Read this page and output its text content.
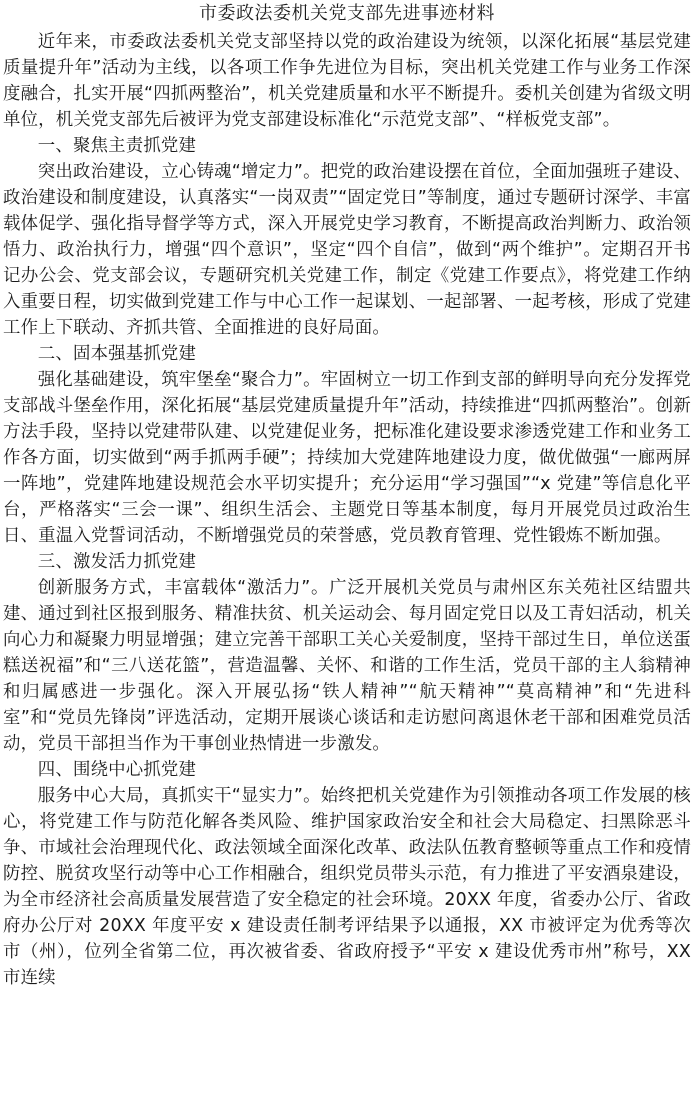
市委政法委机关党支部先进事迹材料

近年来，市委政法委机关党支部坚持以党的政治建设为统领，以深化拓展“基层党建质量提升年”活动为主线，以各项工作争先进位为目标，突出机关党建工作与业务工作深度融合，扎实开展“四抓两整治”，机关党建质量和水平不断提升。委机关创建为省级文明单位，机关党支部先后被评为党支部建设标准化“示范党支部”、“样板党支部”。

一、聚焦主责抓党建

突出政治建设，立心铸魂“增定力”。把党的政治建设摆在首位，全面加强班子建设、政治建设和制度建设，认真落实“一岗双责”“固定党日”等制度，通过专题研讨深学、丰富载体促学、强化指导督学等方式，深入开展党史学习教育，不断提高政治判断力、政治领悟力、政治执行力，增强“四个意识”，坚定“四个自信”，做到“两个维护”。定期召开书记办公会、党支部会议，专题研究机关党建工作，制定《党建工作要点》，将党建工作纳入重要日程，切实做到党建工作与中心工作一起谋划、一起部署、一起考核，形成了党建工作上下联动、齐抓共管、全面推进的良好局面。

二、固本强基抓党建

强化基础建设，筑牢堡垒“聚合力”。牢固树立一切工作到支部的鲜明导向充分发挥党支部战斗堡垒作用，深化拓展“基层党建质量提升年”活动，持续推进“四抓两整治”。创新方法手段，坚持以党建带队建、以党建促业务，把标准化建设要求渗透党建工作和业务工作各方面，切实做到“两手抓两手硬”；持续加大党建阵地建设力度，做优做强“一廊两屏一阵地”，党建阵地建设规范会水平切实提升；充分运用“学习强国”“x 党建”等信息化平台，严格落实“三会一课”、组织生活会、主题党日等基本制度，每月开展党员过政治生日、重温入党誓词活动，不断增强党员的荣誉感，党员教育管理、党性锻炼不断加强。

三、激发活力抓党建

创新服务方式，丰富载体“激活力”。广泛开展机关党员与肃州区东关苑社区结盟共建、通过到社区报到服务、精准扶贫、机关运动会、每月固定党日以及工青妇活动，机关向心力和凝聚力明显增强；建立完善干部职工关心关爱制度，坚持干部过生日，单位送蛋糕送祝福”和“三八送花篮”，营造温馨、关怀、和谐的工作生活，党员干部的主人翁精神和归属感进一步强化。深入开展弘扬“铁人精神”“航天精神”“莫高精神”和“先进科室”和“党员先锋岗”评选活动，定期开展谈心谈话和走访慰问离退休老干部和困难党员活动，党员干部担当作为干事创业热情进一步激发。

四、围绕中心抓党建

服务中心大局，真抓实干“显实力”。始终把机关党建作为引领推动各项工作发展的核心，将党建工作与防范化解各类风险、维护国家政治安全和社会大局稳定、扫黑除恶斗争、市域社会治理现代化、政法领域全面深化改革、政法队伍教育整顿等重点工作和疫情防控、脱贫攻坚行动等中心工作相融合，组织党员带头示范，有力推进了平安酒泉建设，为全市经济社会高质量发展营造了安全稳定的社会环境。20XX 年度，省委办公厅、省政府办公厅对 20XX 年度平安 x 建设责任制考评结果予以通报，XX 市被评定为优秀等次市（州），位列全省第二位，再次被省委、省政府授予“平安 x 建设优秀市州”称号，XX 市连续
